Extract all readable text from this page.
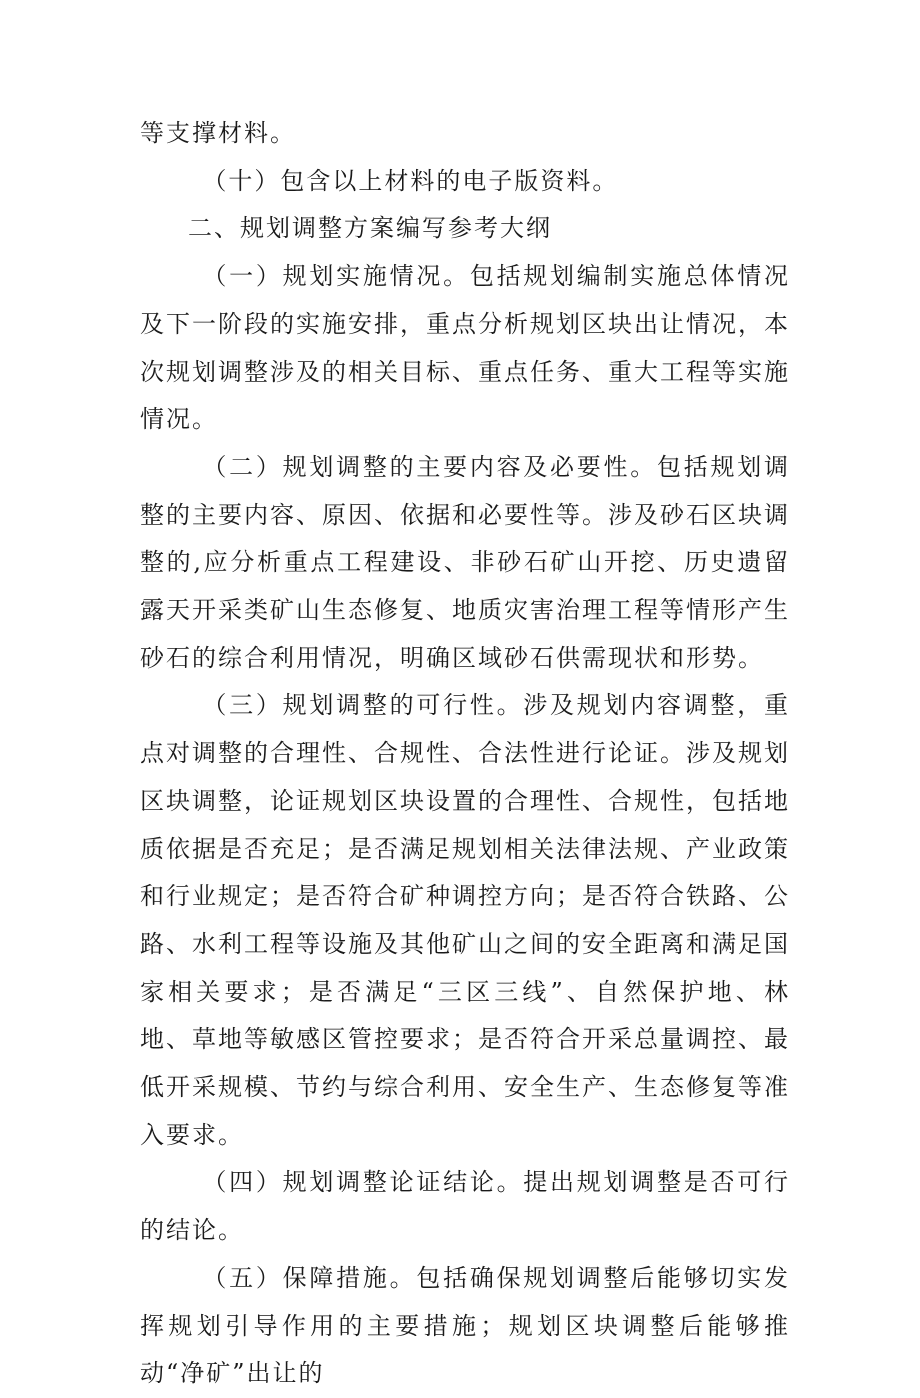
等支撑材料。

（十）包含以上材料的电子版资料。

二、规划调整方案编写参考大纲

（一）规划实施情况。包括规划编制实施总体情况及下一阶段的实施安排，重点分析规划区块出让情况，本次规划调整涉及的相关目标、重点任务、重大工程等实施情况。

（二）规划调整的主要内容及必要性。包括规划调整的主要内容、原因、依据和必要性等。涉及砂石区块调整的,应分析重点工程建设、非砂石矿山开挖、历史遗留露天开采类矿山生态修复、地质灾害治理工程等情形产生砂石的综合利用情况，明确区域砂石供需现状和形势。

（三）规划调整的可行性。涉及规划内容调整，重点对调整的合理性、合规性、合法性进行论证。涉及规划区块调整，论证规划区块设置的合理性、合规性，包括地质依据是否充足；是否满足规划相关法律法规、产业政策和行业规定；是否符合矿种调控方向；是否符合铁路、公路、水利工程等设施及其他矿山之间的安全距离和满足国家相关要求；是否满足“三区三线”、自然保护地、林地、草地等敏感区管控要求；是否符合开采总量调控、最低开采规模、节约与综合利用、安全生产、生态修复等准入要求。

（四）规划调整论证结论。提出规划调整是否可行的结论。

（五）保障措施。包括确保规划调整后能够切实发挥规划引导作用的主要措施；规划区块调整后能够推动“净矿”出让的
